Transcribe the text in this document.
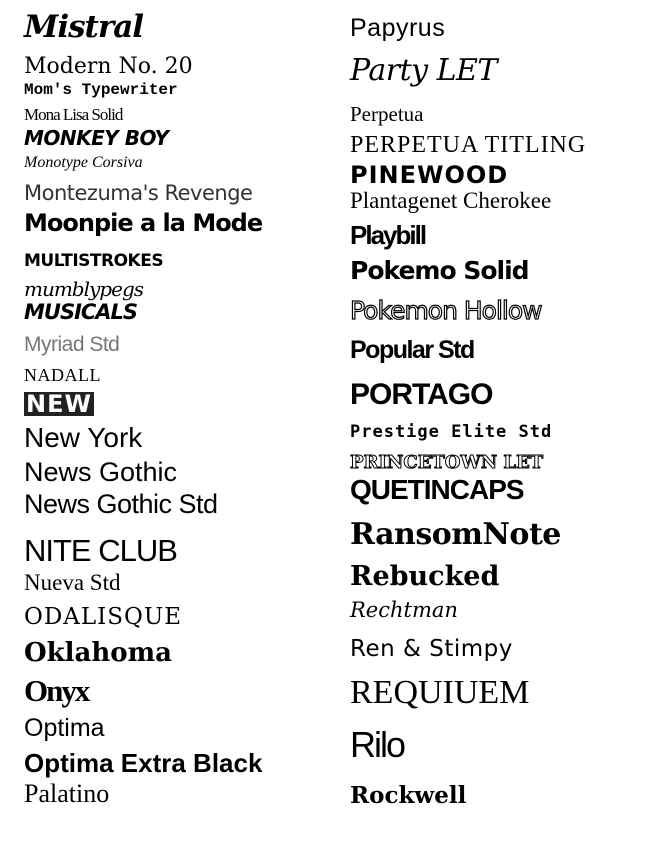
Mistral
Modern No. 20
Mom's Typewriter
Mona Lisa Solid
MONKEY BOY
Monotype Corsiva
Montezuma's Revenge
Moonpie a la Mode
MULTISTROKES
mumblypegs
MUSICALS
Myriad Std
NADALL
NEW
New York
News Gothic
News Gothic Std
NITE CLUB
Nueva Std
ODALISQUE
Oklahoma
Onyx
Optima
Optima Extra Black
Palatino
Papyrus
Party LET
Perpetua
PERPETUA TITLING
PINEWOOD
Plantagenet Cherokee
Playbill
Pokemo Solid
Pokemon Hollow
Popular Std
PORTAGO
Prestige Elite Std
PRINCETOWN LET
QUETINCAPS
RansomNote
Rebucked
Rechtman
Ren & Stimpy
REQUIUEM
Rilo
Rockwell
